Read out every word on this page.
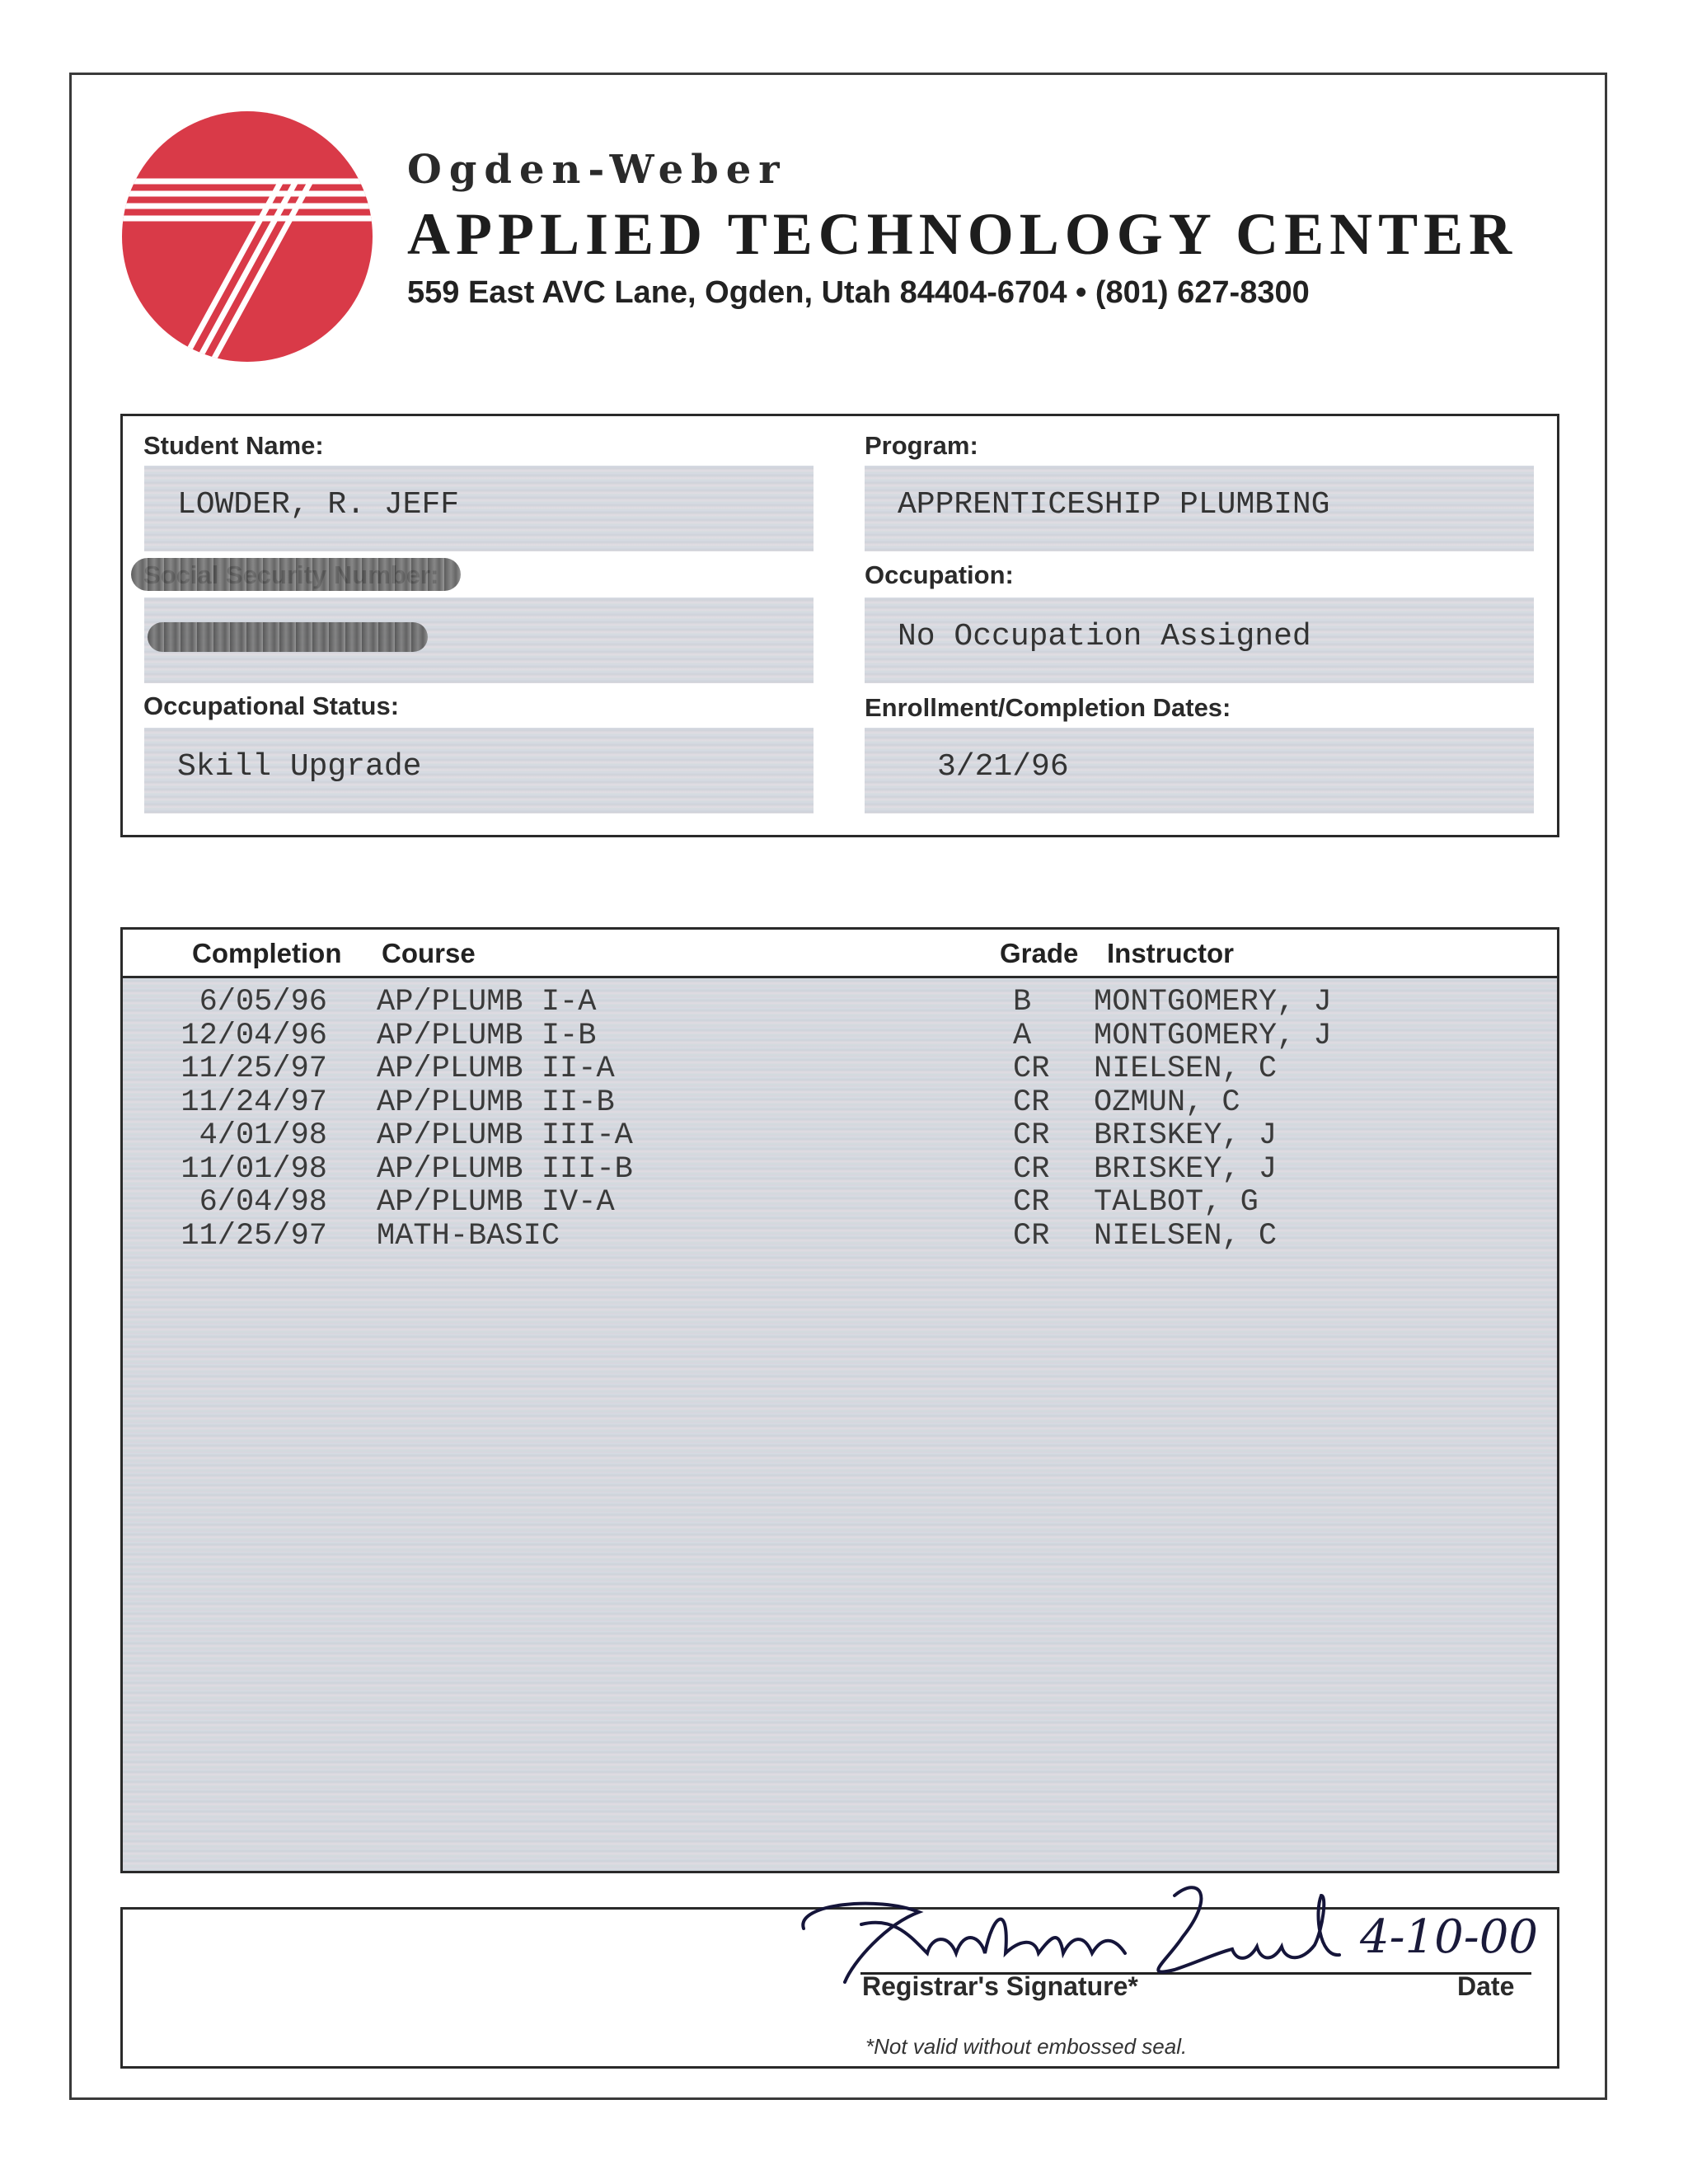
Ogden-Weber
APPLIED TECHNOLOGY CENTER
559 East AVC Lane, Ogden, Utah 84404-6704 • (801) 627-8300
Student Name:
LOWDER, R. JEFF
Occupational Status:
Skill Upgrade
Program:
APPRENTICESHIP PLUMBING
Occupation:
No Occupation Assigned
Enrollment/Completion Dates:
3/21/96
Completion Course	Grade Instructor
6/05/96 AP/PLUMB I-A	B MONTGOMERY, J
12/04/96 AP/PLUMB I-B	A MONTGOMERY, J
11/25/97 AP/PLUMB II-A	CR NIELSEN, C
11/24/97 AP/PLUMB II-B	CR OZMUN, C
4/01/98 AP/PLUMB III-A	CR BRISKEY, J
11/01/98 AP/PLUMB III-B	CR BRISKEY, J
6/04/98 AP/PLUMB IV-A	CR TALBOT, G
11/25/97 MATH-BASIC	CR NIELSEN, C
4-10-00
Registrar's Signature*	Date
*Not valid without embossed seal.
